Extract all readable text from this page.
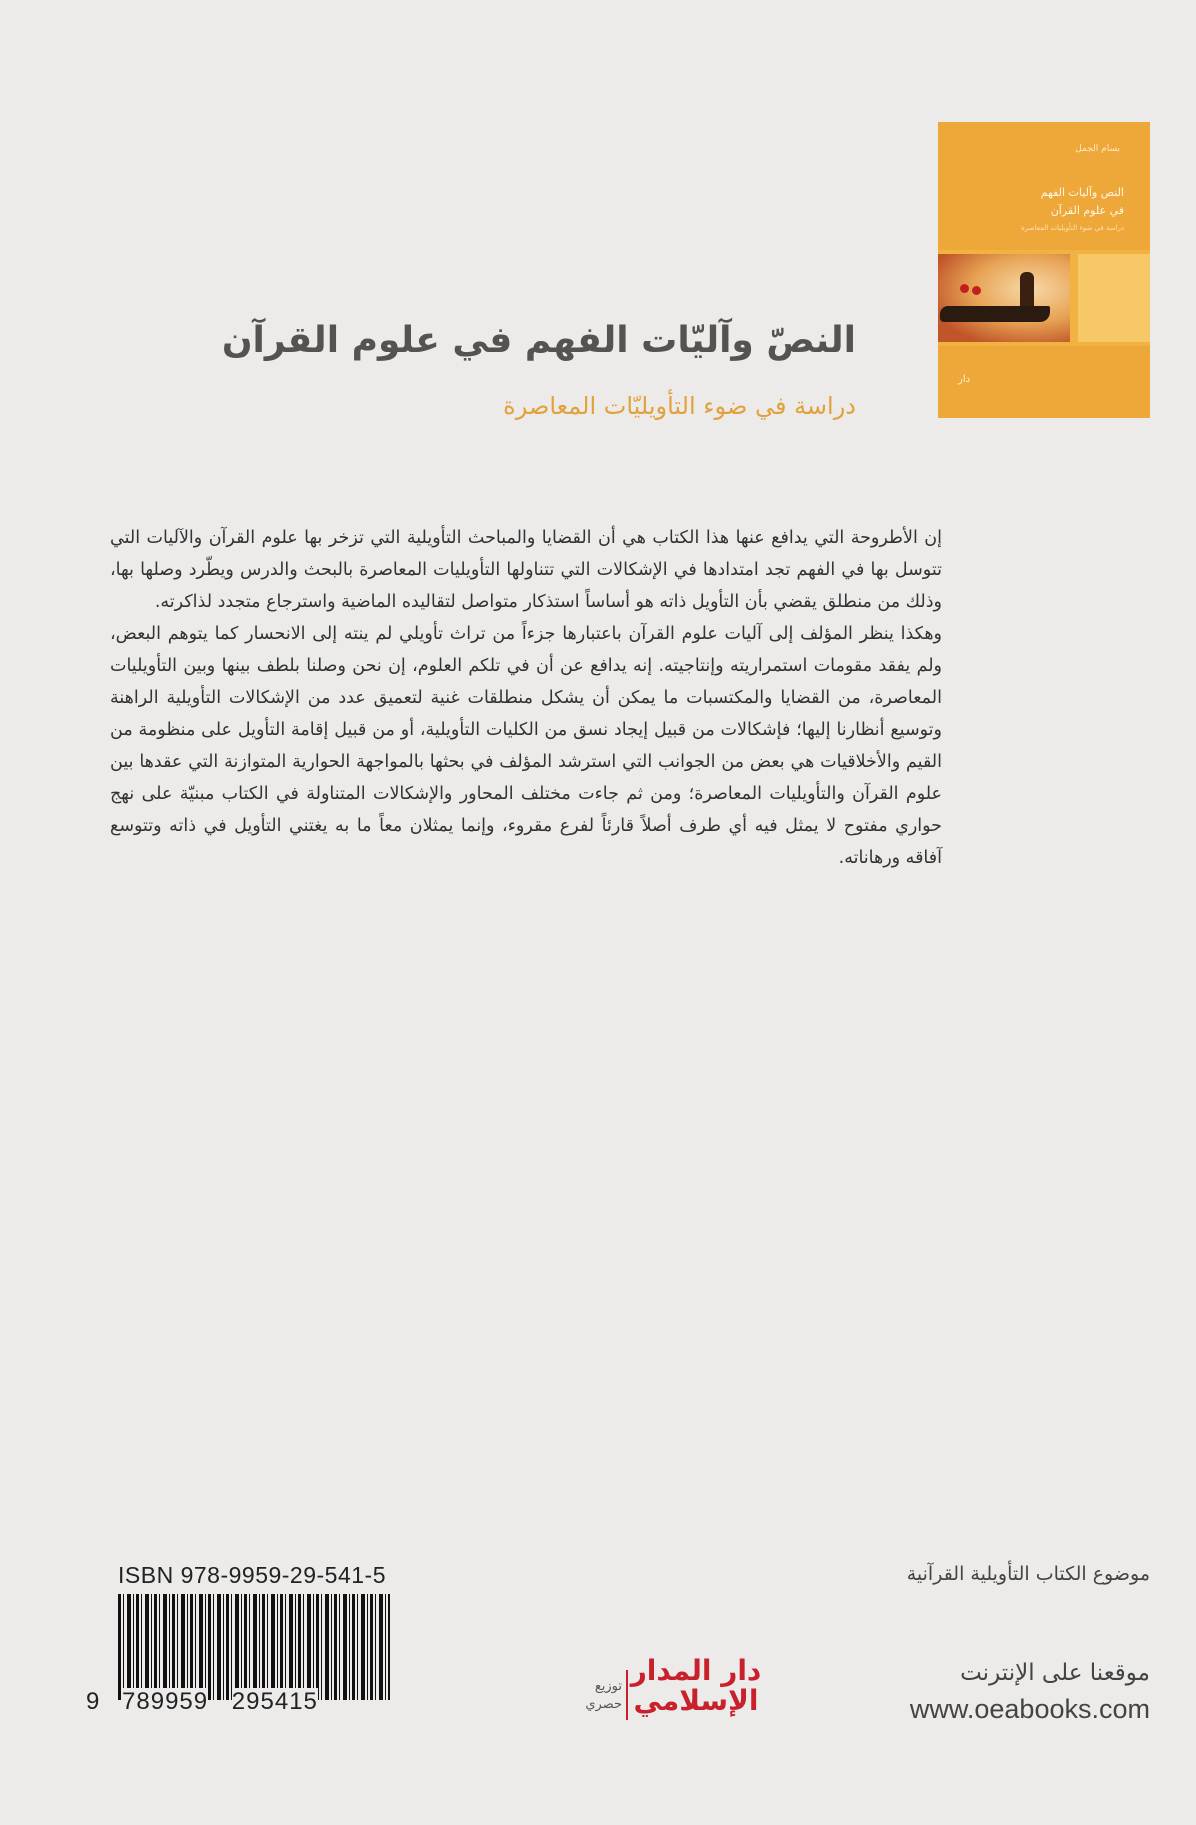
بسام الجمل
النص وآليات الفهم
في علوم القرآن
دراسة في ضوء التأويليات المعاصرة
دار
النصّ وآليّات الفهم في علوم القرآن
دراسة في ضوء التأويليّات المعاصرة

إن الأطروحة التي يدافع عنها هذا الكتاب هي أن القضايا والمباحث التأويلية التي تزخر بها علوم القرآن والآليات التي تتوسل بها في الفهم تجد امتدادها في الإشكالات التي تتناولها التأويليات المعاصرة بالبحث والدرس ويطّرد وصلها بها، وذلك من منطلق يقضي بأن التأويل ذاته هو أساساً استذكار متواصل لتقاليده الماضية واسترجاع متجدد لذاكرته.

وهكذا ينظر المؤلف إلى آليات علوم القرآن باعتبارها جزءاً من تراث تأويلي لم ينته إلى الانحسار كما يتوهم البعض، ولم يفقد مقومات استمراريته وإنتاجيته. إنه يدافع عن أن في تلكم العلوم، إن نحن وصلنا بلطف بينها وبين التأويليات المعاصرة، من القضايا والمكتسبات ما يمكن أن يشكل منطلقات غنية لتعميق عدد من الإشكالات التأويلية الراهنة وتوسيع أنظارنا إليها؛ فإشكالات من قبيل إيجاد نسق من الكليات التأويلية، أو من قبيل إقامة التأويل على منظومة من القيم والأخلاقيات هي بعض من الجوانب التي استرشد المؤلف في بحثها بالمواجهة الحوارية المتوازنة التي عقدها بين علوم القرآن والتأويليات المعاصرة؛ ومن ثم جاءت مختلف المحاور والإشكالات المتناولة في الكتاب مبنيّة على نهج حواري مفتوح لا يمثل فيه أي طرف أصلاً قارئاً لفرع مقروء، وإنما يمثلان معاً ما به يغتني التأويل في ذاته وتتوسع آفاقه ورهاناته.

موضوع الكتاب التأويلية القرآنية
موقعنا على الإنترنت
www.oeabooks.com
توزيع حصري
دار المدار
الإسلامي
ISBN 978-9959-29-541-5
9 789959 295415
